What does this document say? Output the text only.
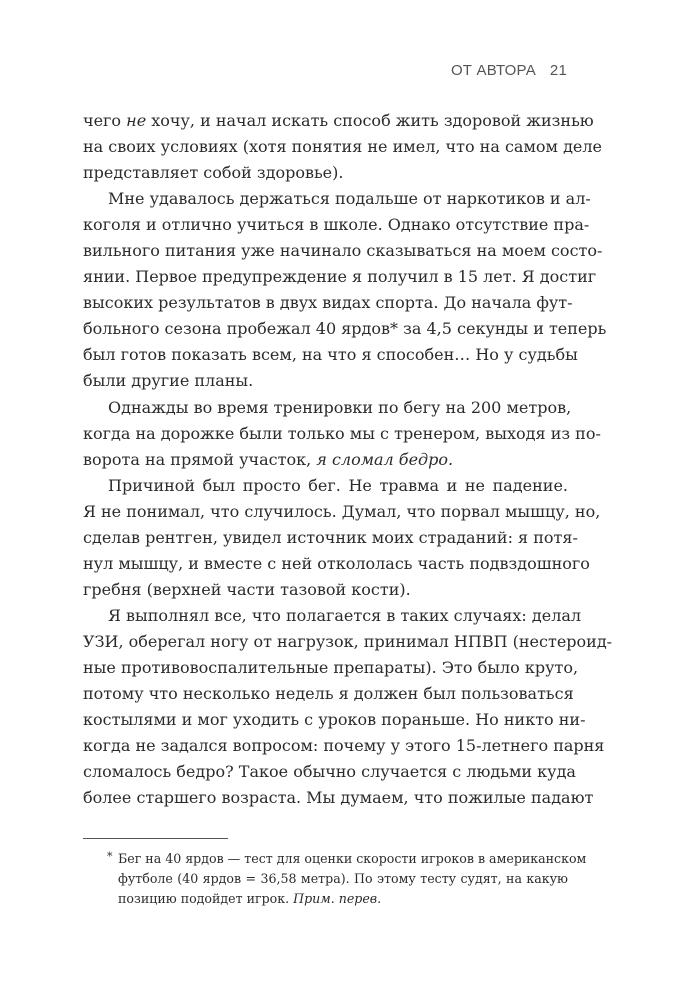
ОТ АВТОРА 21
чего не хочу, и начал искать способ жить здоровой жизнью
на своих условиях (хотя понятия не имел, что на самом деле
представляет собой здоровье).
Мне удавалось держаться подальше от наркотиков и ал-
коголя и отлично учиться в школе. Однако отсутствие пра-
вильного питания уже начинало сказываться на моем состо-
янии. Первое предупреждение я получил в 15 лет. Я достиг
высоких результатов в двух видах спорта. До начала фут-
больного сезона пробежал 40 ярдов* за 4,5 секунды и теперь
был готов показать всем, на что я способен… Но у судьбы
были другие планы.
Однажды во время тренировки по бегу на 200 метров,
когда на дорожке были только мы с тренером, выходя из по-
ворота на прямой участок, я сломал бедро.
Причиной был просто бег. Не травма и не падение.
Я не понимал, что случилось. Думал, что порвал мышцу, но,
сделав рентген, увидел источник моих страданий: я потя-
нул мышцу, и вместе с ней откололась часть подвздошного
гребня (верхней части тазовой кости).
Я выполнял все, что полагается в таких случаях: делал
УЗИ, оберегал ногу от нагрузок, принимал НПВП (нестероид-
ные противовоспалительные препараты). Это было круто,
потому что несколько недель я должен был пользоваться
костылями и мог уходить с уроков пораньше. Но никто ни-
когда не задался вопросом: почему у этого 15-летнего парня
сломалось бедро? Такое обычно случается с людьми куда
более старшего возраста. Мы думаем, что пожилые падают
* Бег на 40 ярдов — тест для оценки скорости игроков в американском
футболе (40 ярдов = 36,58 метра). По этому тесту судят, на какую
позицию подойдет игрок. Прим. перев.
